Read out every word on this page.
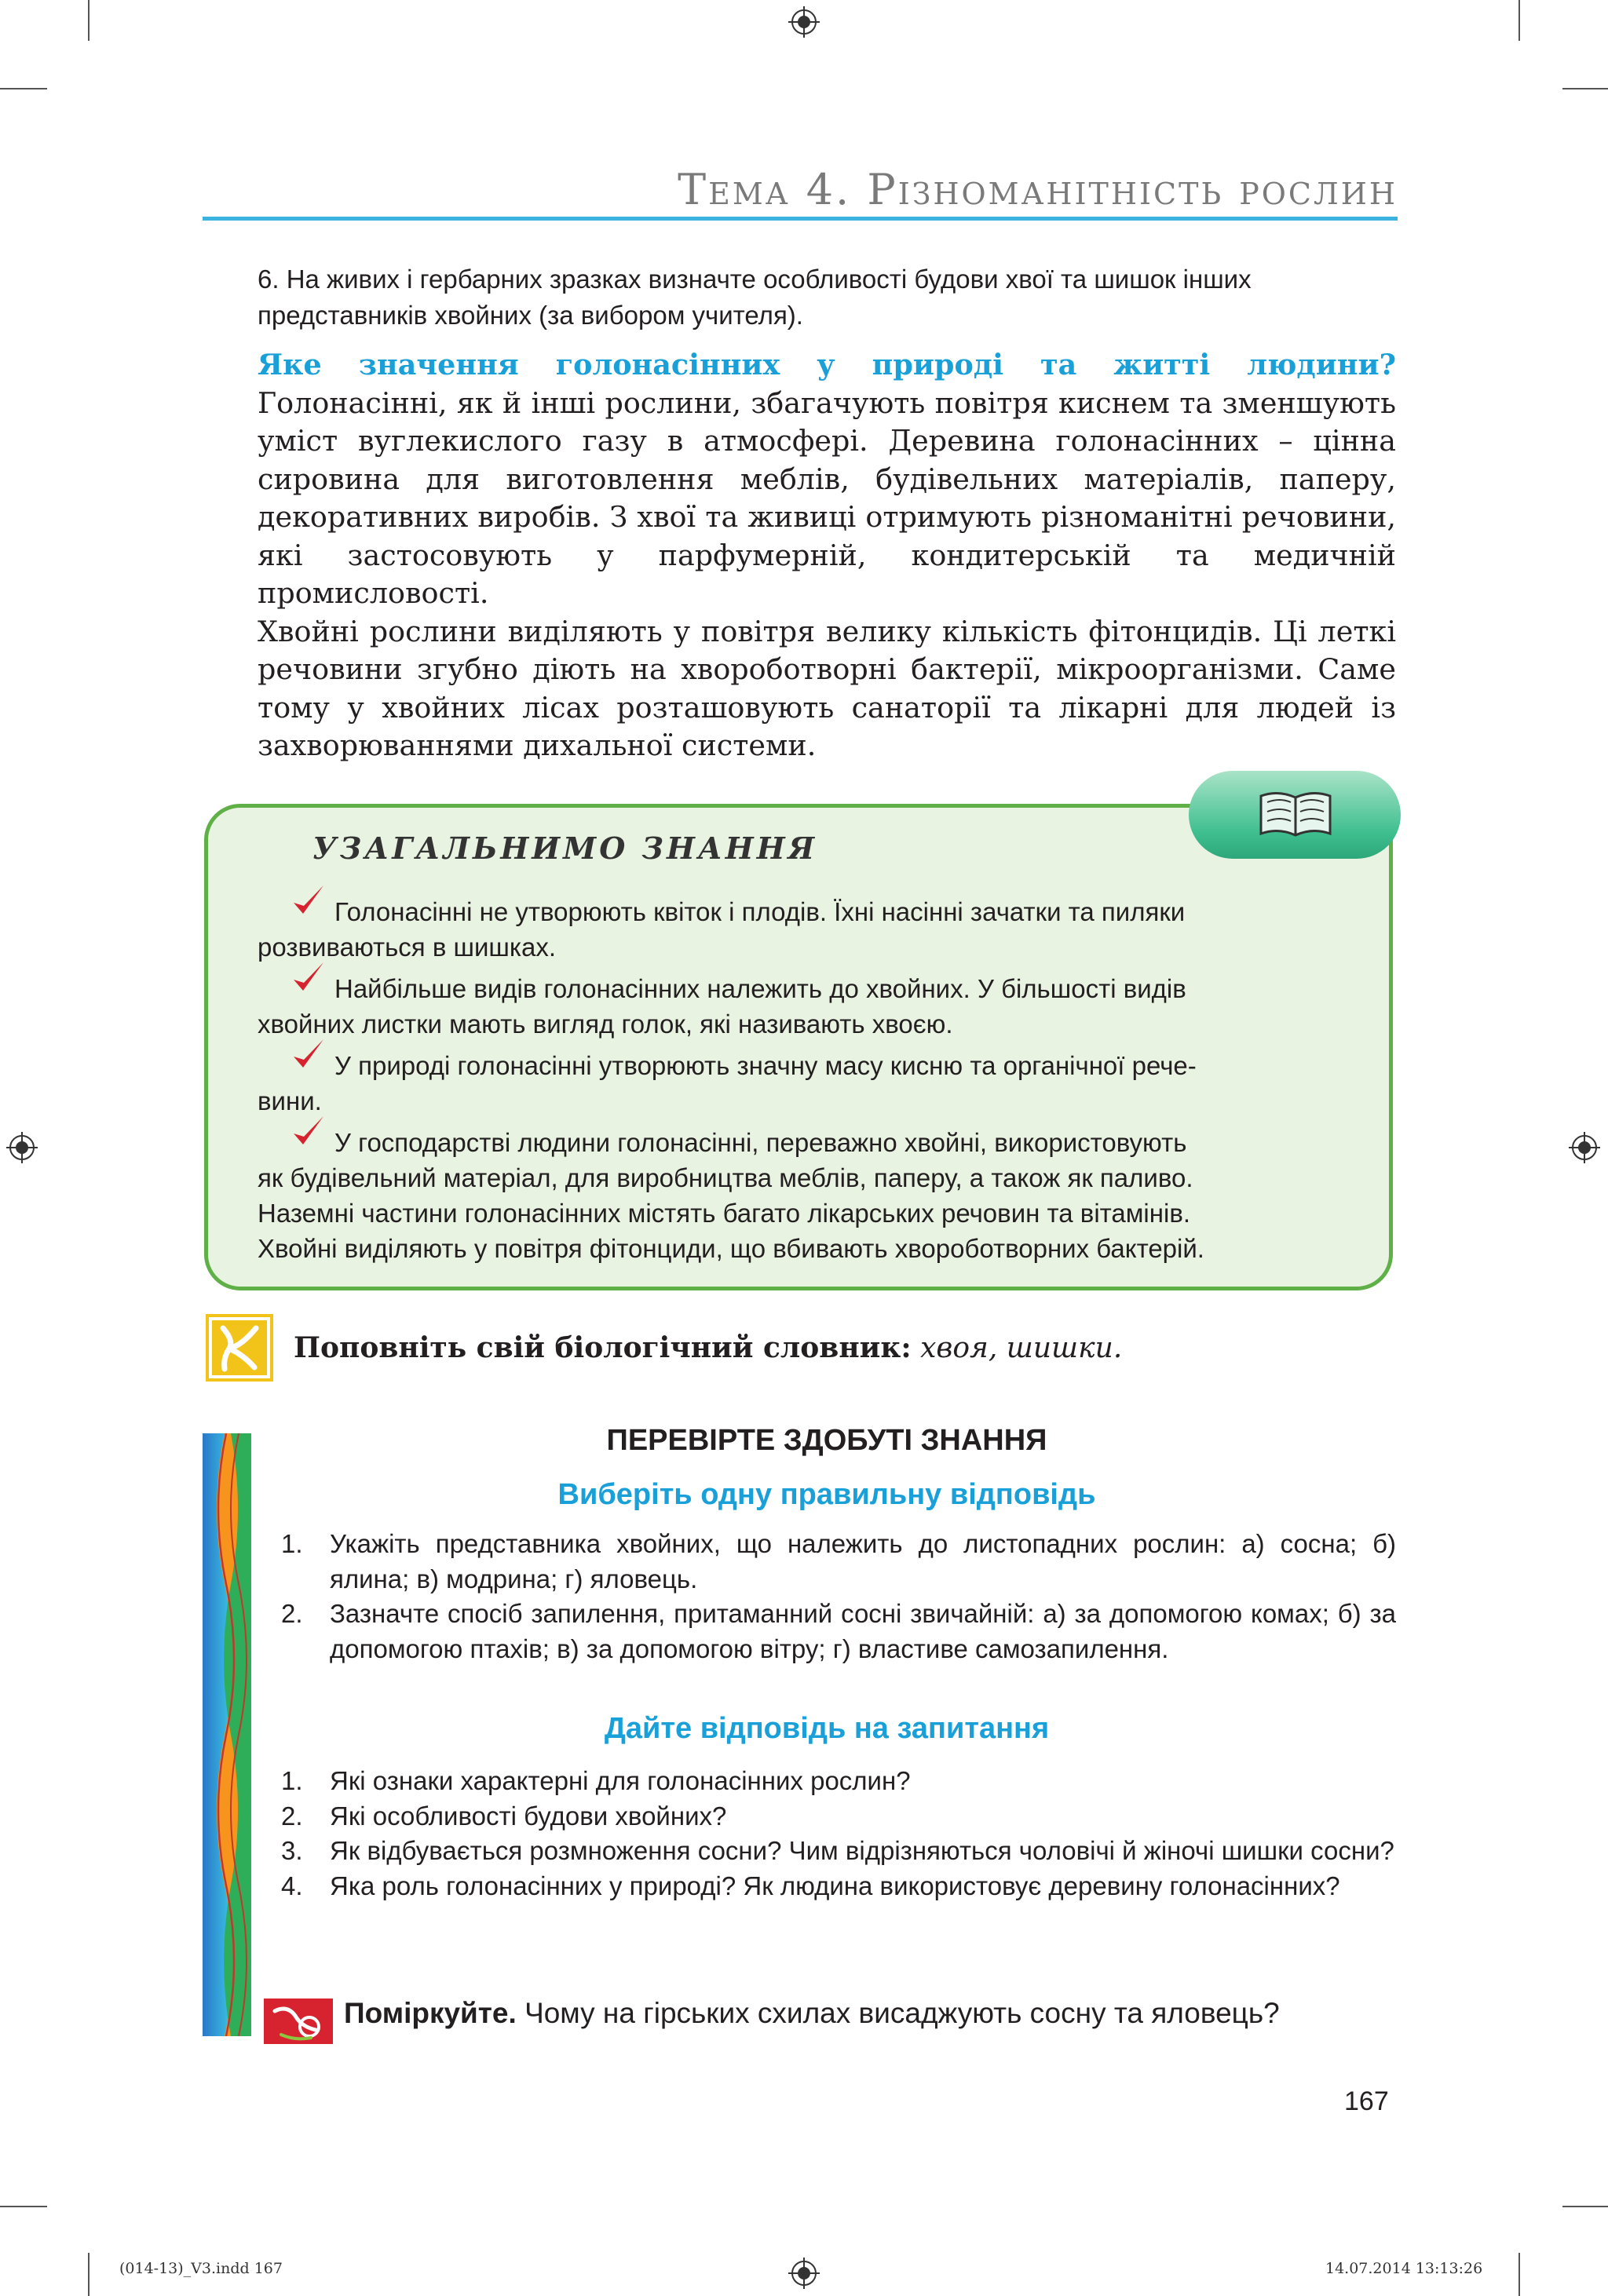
Тема 4. Різноманітність рослин
6. На живих і гербарних зразках визначте особливості будови хвої та шишок інших
представників хвойних (за вибором учителя).

Яке значення голонасінних у природі та житті людини? Голонасінні, як й інші рослини, збагачують повітря киснем та зменшують уміст вуглекислого газу в атмосфері. Деревина голонасінних – цінна сировина для виготовлення меблів, будівельних матеріалів, паперу, декоративних виробів. З хвої та живиці отримують різноманітні речовини, які застосовують у парфумерній, кондитерській та медичній промисловості.

Хвойні рослини виділяють у повітря велику кількість фітонцидів. Ці леткі речовини згубно діють на хвороботворні бактерії, мікроорганізми. Саме тому у хвойних лісах розташовують санаторії та лікарні для людей із захворюваннями дихальної системи.

УЗАГАЛЬНИМО ЗНАННЯ
Голонасінні не утворюють квіток і плодів. Їхні насінні зачатки та пиляки
розвиваються в шишках.
Найбільше видів голонасінних належить до хвойних. У більшості видів
хвойних листки мають вигляд голок, які називають хвоєю.
У природі голонасінні утворюють значну масу кисню та органічної рече-
вини.
У господарстві людини голонасінні, переважно хвойні, використовують
як будівельний матеріал, для виробництва меблів, паперу, а також як паливо.
Наземні частини голонасінних містять багато лікарських речовин та вітамінів.
Хвойні виділяють у повітря фітонциди, що вбивають хвороботворних бактерій.
Поповніть свій біологічний словник: хвоя, шишки.
ПЕРЕВІРТЕ ЗДОБУТІ ЗНАННЯ
Виберіть одну правильну відповідь
1. Укажіть представника хвойних, що належить до листопадних рослин: а) сосна; б) ялина; в) модрина; г) яловець.
2. Зазначте спосіб запилення, притаманний сосні звичайній: а) за допомогою комах; б) за допомогою птахів; в) за допомогою вітру; г) властиве самозапилення.
Дайте відповідь на запитання
1. Які ознаки характерні для голонасінних рослин?
2. Які особливості будови хвойних?
3. Як відбувається розмноження сосни? Чим відрізняються чоловічі й жіночі шишки сосни?
4. Яка роль голонасінних у природі? Як людина використовує деревину голонасінних?
Поміркуйте. Чому на гірських схилах висаджують сосну та яловець?
167
(014-13)_V3.indd 167	14.07.2014 13:13:26
